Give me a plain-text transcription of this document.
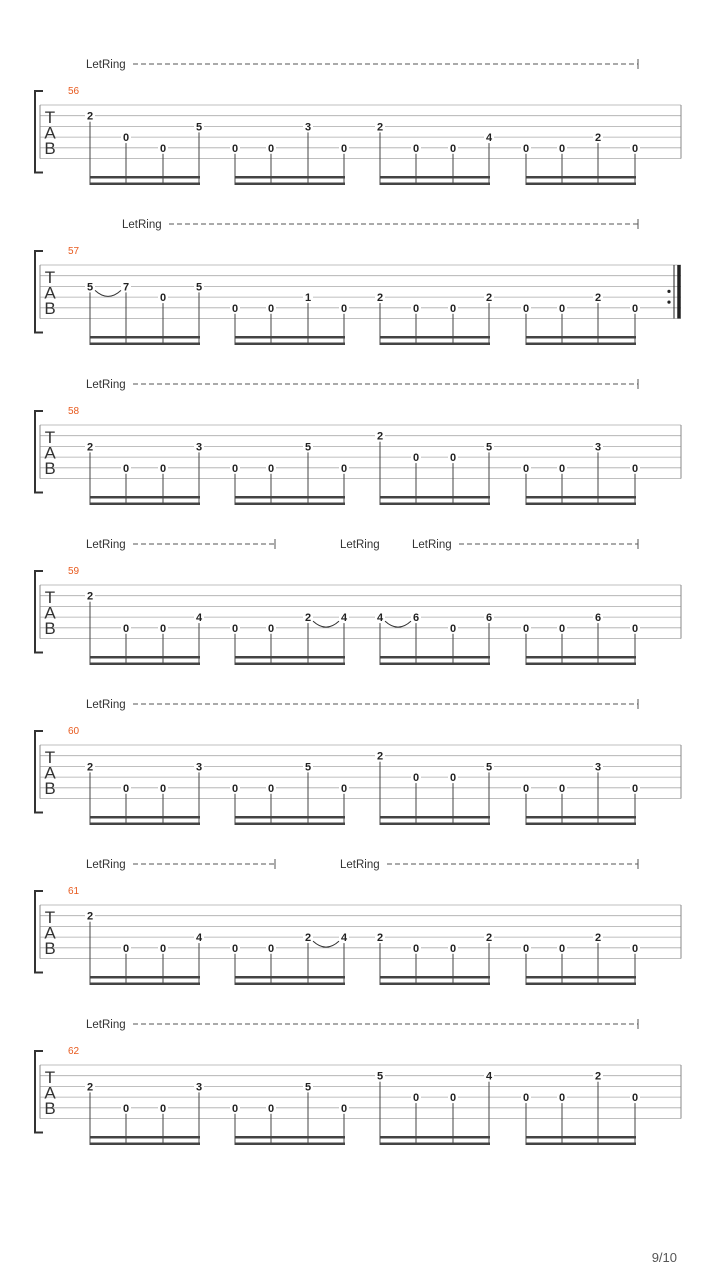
LetRing
56
T
A
B
2
0
0
5
0	0
3
0
2
0	0
4
0	0
2
0
LetRing
57
T
A
B
5	7
0
5
0	0
1
0
2
0	0
2
0	0
2
0
LetRing
58
T
A
B
2
0	0
3
0	0
5
0
2
0	0
5
0	0
3
0
LetRing	LetRing	LetRing
59
T
A
B
2
0	0
4
0	0
2	4	4	6
0
6
0	0
6
0
LetRing
60
T
A
B
2
0	0
3
0	0
5
0
2
0	0
5
0	0
3
0
LetRing	LetRing
61
T
A
B
2
0	0
4
0	0
2	4	2
0	0
2
0	0
2
0
LetRing
62
T
A
B
2
0	0
3
0	0
5
0
5
0	0
4
0	0
2
0
9/10
